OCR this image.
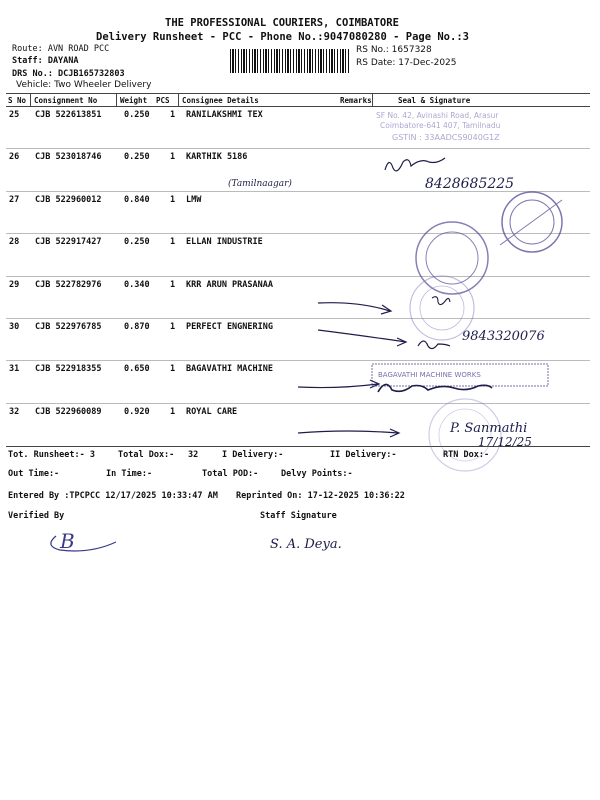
THE PROFESSIONAL COURIERS, COIMBATORE
Delivery Runsheet - PCC - Phone No.:9047080280 - Page No.:3
Route: AVN ROAD PCC
Staff: DAYANA
DRS No.: DCJB165732803
Vehicle: Two Wheeler Delivery
RS No.: 1657328
RS Date: 17-Dec-2025
S No Consignment No	Weight PCS Consignee Details	Remarks	Seal & Signature
25 CJB 522613851	0.250 1 RANILAKSHMI TEX
26 CJB 523018746	0.250 1 KARTHIK 5186
27 CJB 522960012	0.840 1 LMW
28 CJB 522917427	0.250 1 ELLAN INDUSTRIE
29 CJB 522782976	0.340 1 KRR ARUN PRASANAA
30 CJB 522976785	0.870 1 PERFECT ENGNERING
31 CJB 522918355	0.650 1 BAGAVATHI MACHINE
32 CJB 522960089	0.920 1 ROYAL CARE
Tot. Runsheet:- 3	Total Dox:- 32	I Delivery:-	II Delivery:-	RTN Dox:-
Out Time:-	In Time:-	Total POD:-	Delvy Points:-
Entered By :TPCPCC 12/17/2025 10:33:47 AM Reprinted On: 17-12-2025 10:36:22
Verified By	Staff Signature
SF No. 42, Avinashi Road, Arasur
Coimbatore-641 407, Tamilnadu
GSTIN : 33AADCS9040G1Z
(Tamilnaagar)	8428685225
9843320076
BAGAVATHI MACHINE WORKS
P. Sanmathi
17/12/25
B	S. A. Deya.
